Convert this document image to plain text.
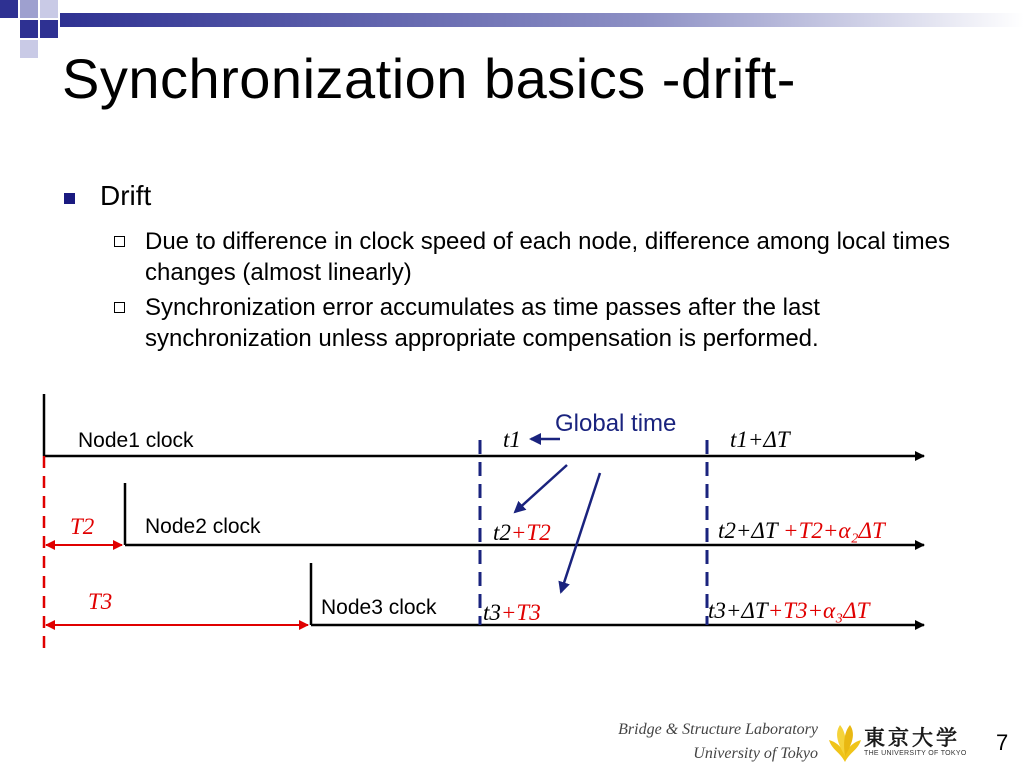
Synchronization basics -drift-
Drift
Due to difference in clock speed of each node, difference among local times changes (almost linearly)
Synchronization error accumulates as time passes after the last synchronization unless appropriate compensation is performed.
Node1 clock
Node2 clock
Node3 clock
Global time
T2
T3
t1	t1+ΔT
t2+T2	t2+ΔT +T2+α₂ΔT
t3+T3	t3+ΔT+T3+α₃ΔT
Bridge & Structure Laboratory
University of Tokyo
東京大学
THE UNIVERSITY OF TOKYO 7
